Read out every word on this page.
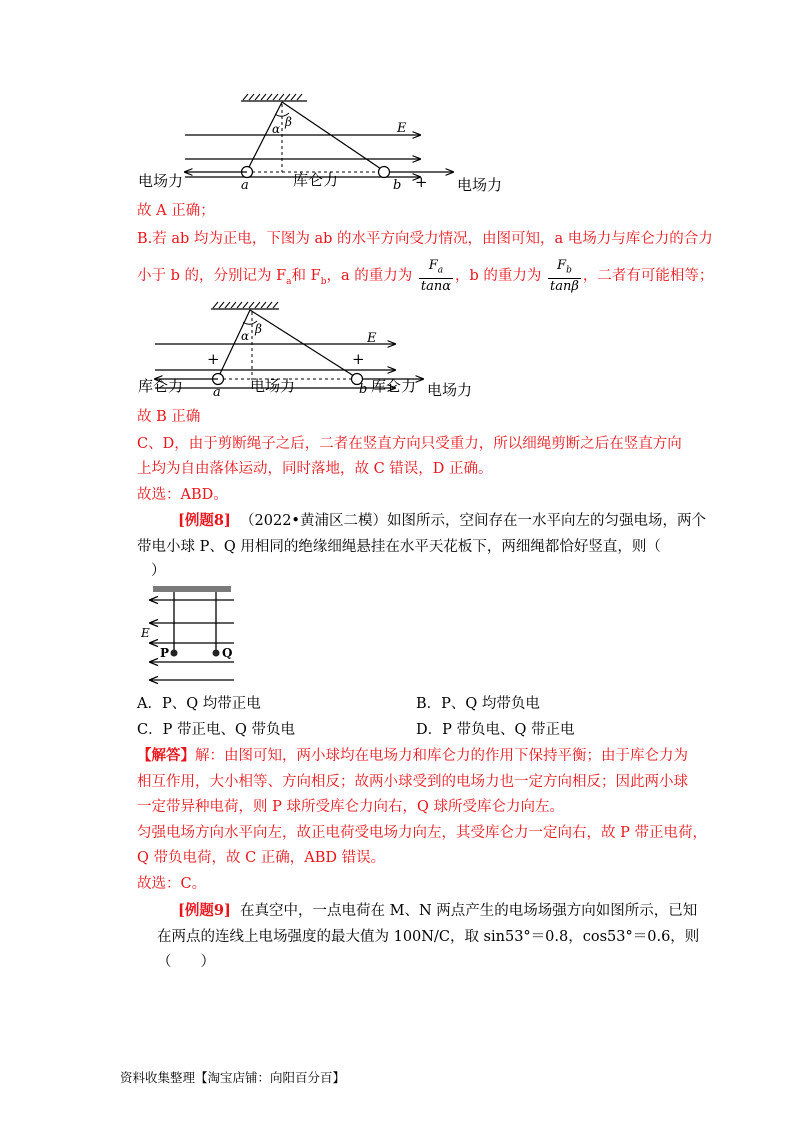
E
α β
a	b +
电场力	库仑力	电场力
故 A 正确；
B.若 ab 均为正电，下图为 ab 的水平方向受力情况，由图可知，a 电场力与库仑力的合力
小于 b 的，分别记为 $F_a$和 $F_b$，a 的重力为 $\frac{F_a}{\tan\alpha}$ ，b 的重力为 $\frac{F_b}{\tan\beta}$ ，二者有可能相等；
E
α β
+	+
a	b
库仑力	电场力	库仑力 电场力
故 B 正确
C、D，由于剪断绳子之后，二者在竖直方向只受重力，所以细绳剪断之后在竖直方向
上均为自由落体运动，同时落地，故 C 错误，D 正确。
故选：ABD。
[例题8] （2022•黄浦区二模）如图所示，空间存在一水平向左的匀强电场，两个
带电小球 P、Q 用相同的绝缘细绳悬挂在水平天花板下，两细绳都恰好竖直，则（
）
E
P	Q
A．P、Q 均带正电	B．P、Q 均带负电
C．P 带正电、Q 带负电	D．P 带负电、Q 带正电
【解答】解：由图可知，两小球均在电场力和库仑力的作用下保持平衡；由于库仑力为
相互作用，大小相等、方向相反；故两小球受到的电场力也一定方向相反；因此两小球
一定带异种电荷，则 P 球所受库仑力向右，Q 球所受库仑力向左。
匀强电场方向水平向左，故正电荷受电场力向左，其受库仑力一定向右，故 P 带正电荷，
Q 带负电荷，故 C 正确，ABD 错误。
故选：C。
[例题9] 在真空中，一点电荷在 M、N 两点产生的电场场强方向如图所示，已知
在两点的连线上电场强度的最大值为 100N/C，取 sin53°＝0.8，cos53°＝0.6，则
（　　）
资料收集整理【淘宝店铺：向阳百分百】
